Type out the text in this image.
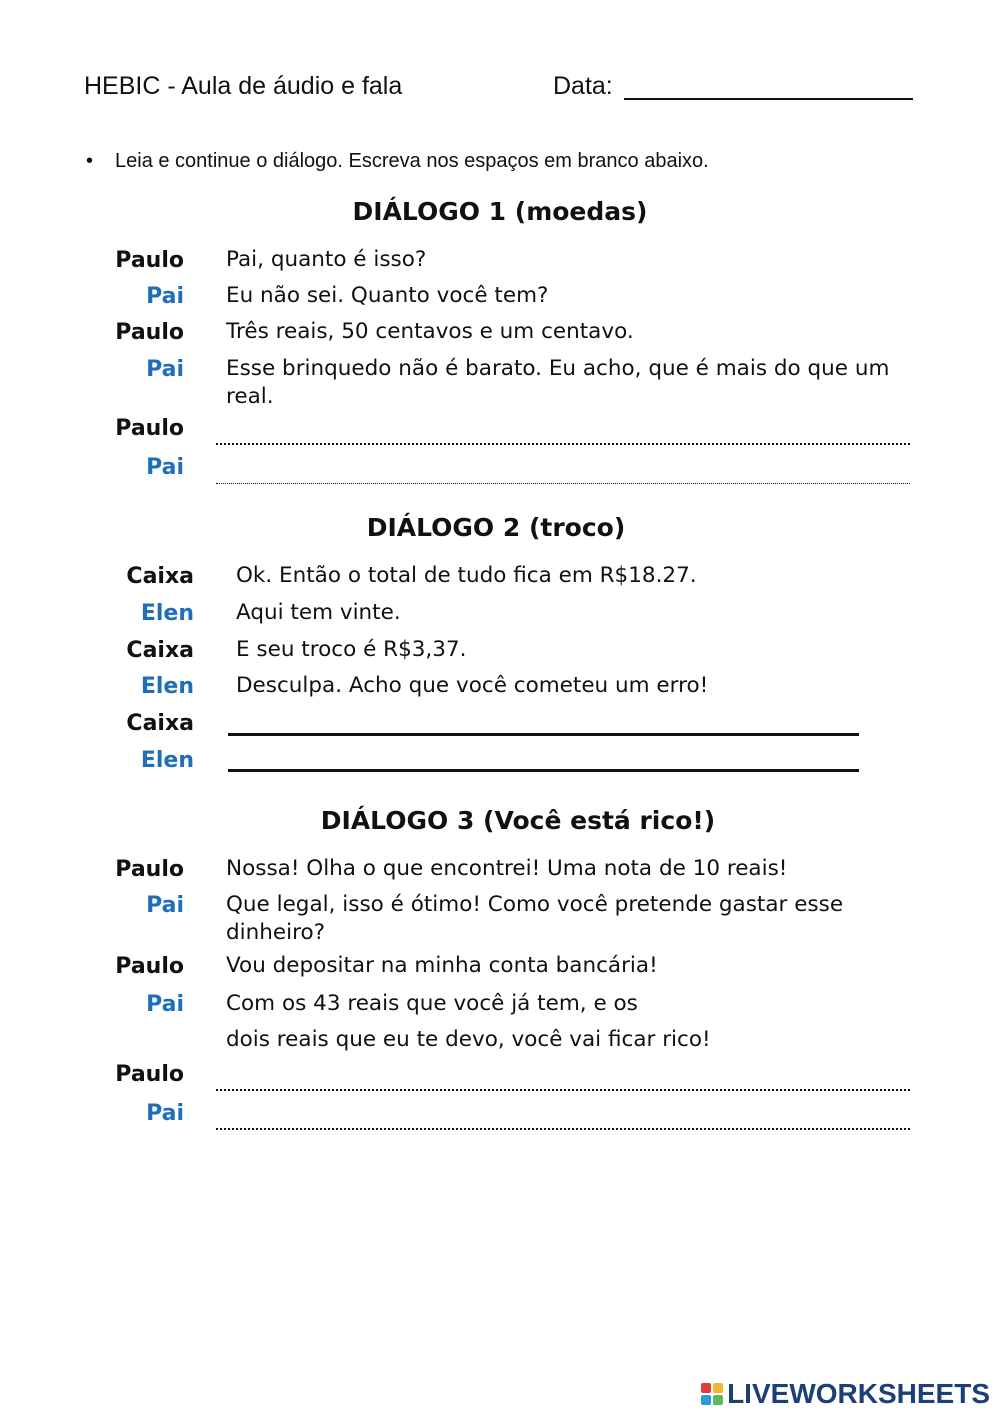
HEBIC - Aula de áudio e fala	Data:
• Leia e continue o diálogo. Escreva nos espaços em branco abaixo.
DIÁLOGO 1 (moedas)
Paulo Pai, quanto é isso?
Pai Eu não sei. Quanto você tem?
Paulo Três reais, 50 centavos e um centavo.
Pai Esse brinquedo não é barato. Eu acho, que é mais do que um real.
Paulo
Pai
DIÁLOGO 2 (troco)
Caixa Ok. Então o total de tudo fica em R$18.27.
Elen Aqui tem vinte.
Caixa E seu troco é R$3,37.
Elen Desculpa. Acho que você cometeu um erro!
Caixa
Elen
DIÁLOGO 3 (Você está rico!)
Paulo Nossa! Olha o que encontrei! Uma nota de 10 reais!
Pai Que legal, isso é ótimo! Como você pretende gastar esse dinheiro?
Paulo Vou depositar na minha conta bancária!
Pai Com os 43 reais que você já tem, e os
dois reais que eu te devo, você vai ficar rico!
Paulo
Pai
LIVEWORKSHEETS
